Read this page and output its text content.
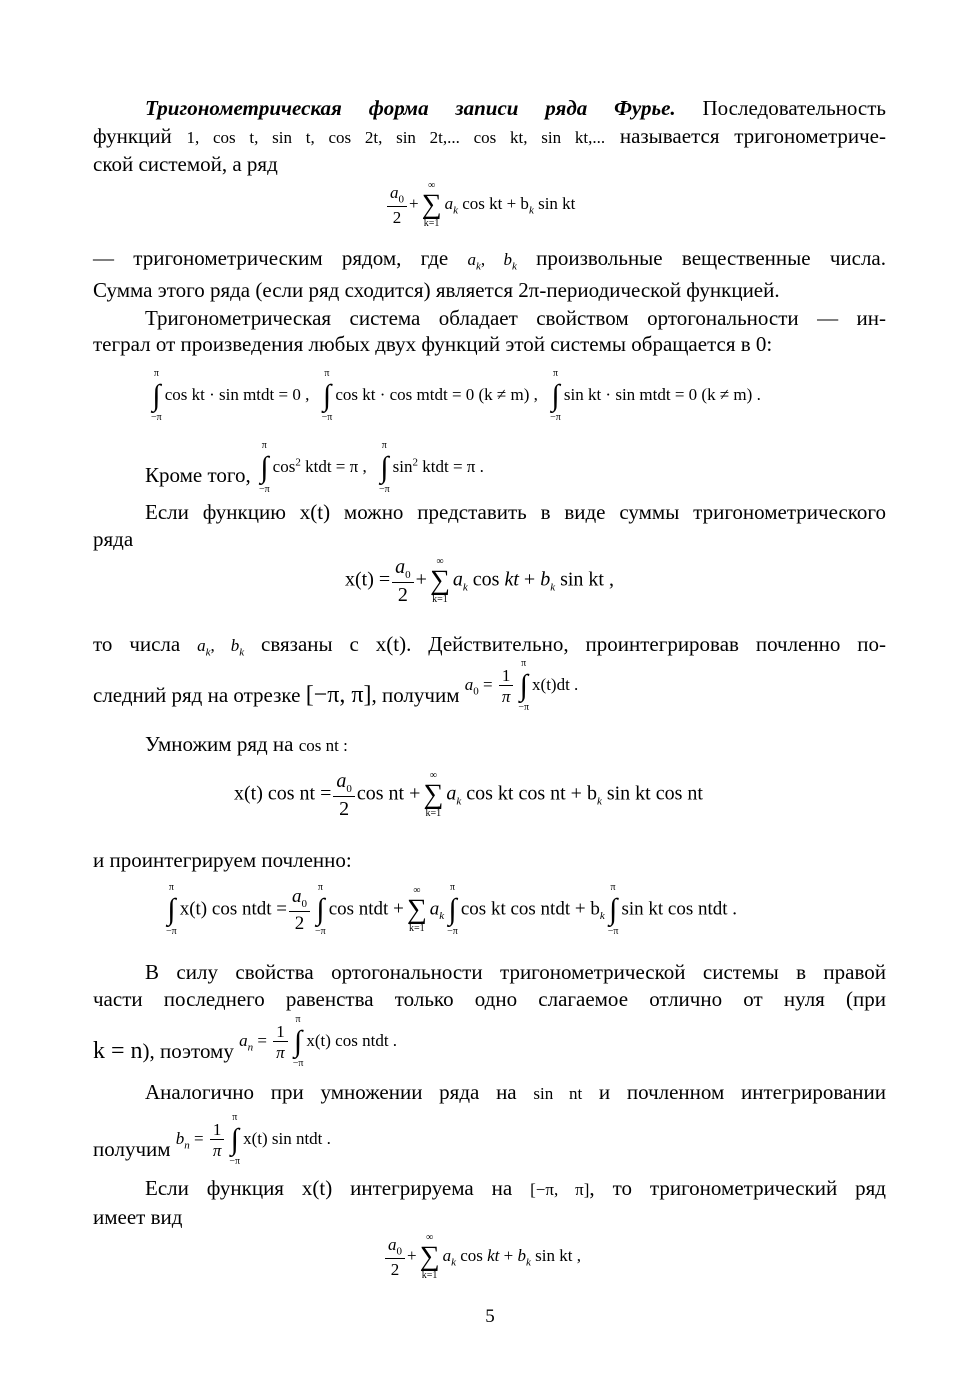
Тригонометрическая форма записи ряда Фурье. Последовательность
функций 1, cos t, sin t, cos 2t, sin 2t,... cos kt, sin kt,... называется тригонометриче-
ской системой, а ряд
$\frac{a_0}{2}$ +
∞
∑
k=1
$a_k$ cos kt + $b_k$ sin kt
— тригонометрическим рядом, где $a_k$, $b_k$ произвольные вещественные числа.
Сумма этого ряда (если ряд сходится) является 2π-периодической функцией.
Тригонометрическая система обладает свойством ортогональности — ин-
теграл от произведения любых двух функций этой системы обращается в 0:
π
∫
−π
cos kt · sin mtdt = 0 ,
π
∫
−π
cos kt · cos mtdt = 0 (k ≠ m) ,
π
∫
−π
sin kt · sin mtdt = 0 (k ≠ m) .
Кроме того,
π
∫
−π
$\cos^2$ ktdt = π ,
π
∫
−π
$\sin^2$ ktdt = π .
Если функцию x(t) можно представить в виде суммы тригонометрического
ряда
$x(t) = \frac{a_0}{2}$ +
∞
∑
k=1
$a_k$ cos kt + $b_k$ sin kt ,
то числа $a_k$, $b_k$ связаны с x(t). Действительно, проинтегрировав почленно по-
следний ряд на отрезке [−π, π], получим $a_0 = \frac{1}{\pi}$
π
∫
−π
x(t)dt .
Умножим ряд на cos nt :
x(t) cos nt = $\frac{a_0}{2}$ cos nt +
∞
∑
k=1
$a_k$ cos kt cos nt + $b_k$ sin kt cos nt
и проинтегрируем почленно:
π
∫
−π
x(t) cos ntdt = $\frac{a_0}{2}$ π
∫
−π
cos ntdt +
∞
∑
k=1
$a_k$
π
∫
−π
cos kt cos ntdt + $b_k$
π
∫
−π
sin kt cos ntdt .
В силу свойства ортогональности тригонометрической системы в правой
части последнего равенства только одно слагаемое отлично от нуля (при
k = n), поэтому $a_n = \frac{1}{\pi}$
π
∫
−π
x(t) cos ntdt .
Аналогично при умножении ряда на sin nt и почленном интегрировании
получим $b_n = \frac{1}{\pi}$
π
∫
−π
x(t) sin ntdt .
Если функция x(t) интегрируема на [−π, π], то тригонометрический ряд
имеет вид
$\frac{a_0}{2}$ +
∞
∑
k=1
$a_k$ cos kt + $b_k$ sin kt ,
5
